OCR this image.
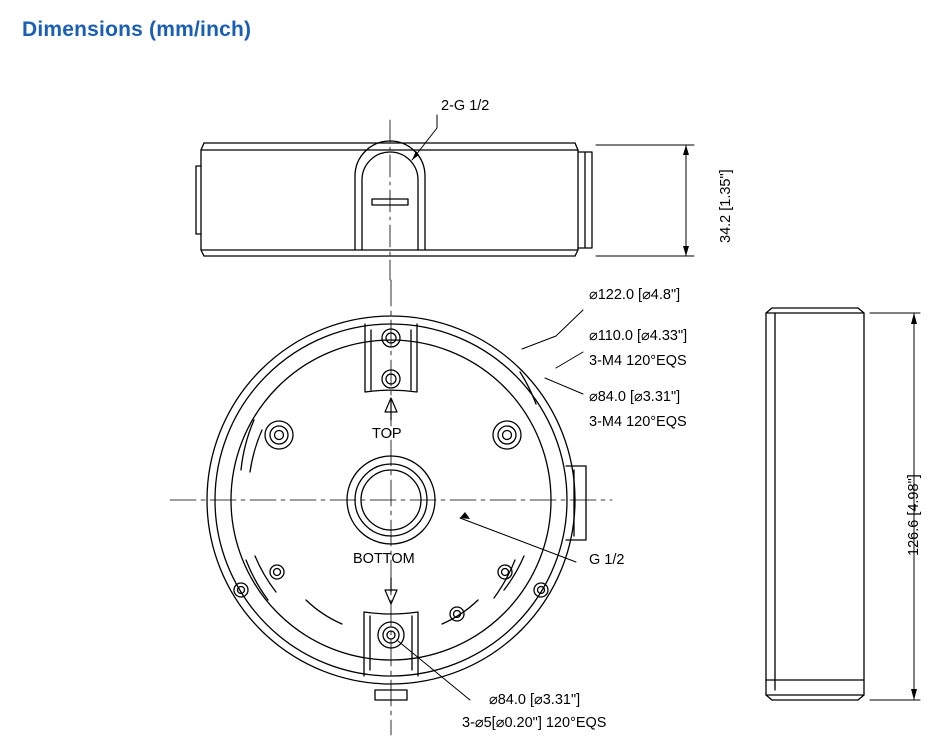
Dimensions (mm/inch)
2-G 1/2
34.2 [1.35"]
⌀122.0 [⌀4.8"]
⌀110.0 [⌀4.33"]
3-M4 120°EQS
⌀84.0 [⌀3.31"]
3-M4 120°EQS
TOP
BOTTOM	G 1/2
⌀84.0 [⌀3.31"]
3-⌀5[⌀0.20"] 120°EQS
126.6 [4.98"]
